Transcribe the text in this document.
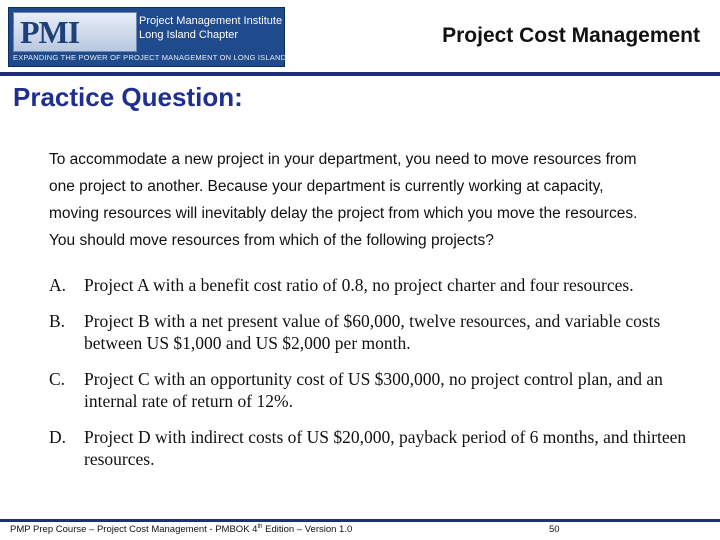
PMI	Project Management Institute
Long Island Chapter
EXPANDING THE POWER OF PROJECT MANAGEMENT ON LONG ISLAND
Project Cost Management
Practice Question:
To accommodate a new project in your department, you need to move resources from one project to another. Because your department is currently working at capacity, moving resources will inevitably delay the project from which you move the resources. You should move resources from which of the following projects?
A. Project A with a benefit cost ratio of 0.8, no project charter and four resources.
B. Project B with a net present value of $60,000, twelve resources, and variable costs between US $1,000 and US $2,000 per month.
C. Project C with an opportunity cost of US $300,000, no project control plan, and an internal rate of return of 12%.
D. Project D with indirect costs of US $20,000, payback period of 6 months, and thirteen resources.
PMP Prep Course – Project Cost Management - PMBOK 4th Edition – Version 1.0	50
